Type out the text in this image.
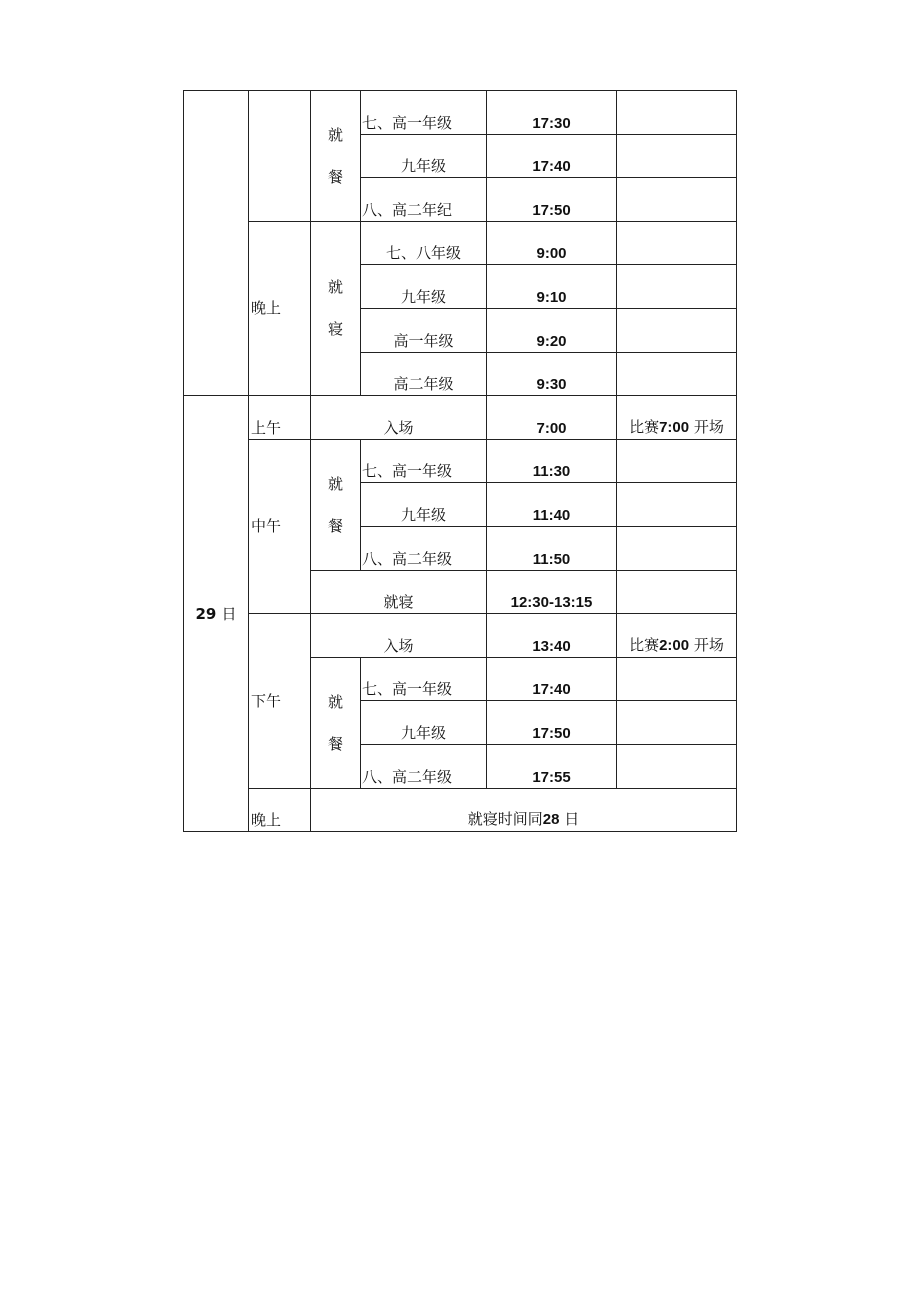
		就餐	七、高一年级	17:30	
			九年级	17:40	
			八、高二年纪	17:50	
	晚上	就寝	七、八年级	9:00	
			九年级	9:10	
			高一年级	9:20	
			高二年级	9:30	
29 日	上午	入场		7:00	比赛7:00 开场
	中午	就餐	七、高一年级	11:30	
			九年级	11:40	
			八、高二年级	11:50	
		就寝		12:30-13:15	
	下午	入场		13:40	比赛2:00 开场
		就餐	七、高一年级	17:40	
			九年级	17:50	
			八、高二年级	17:55	
	晚上	就寝时间同28 日			
